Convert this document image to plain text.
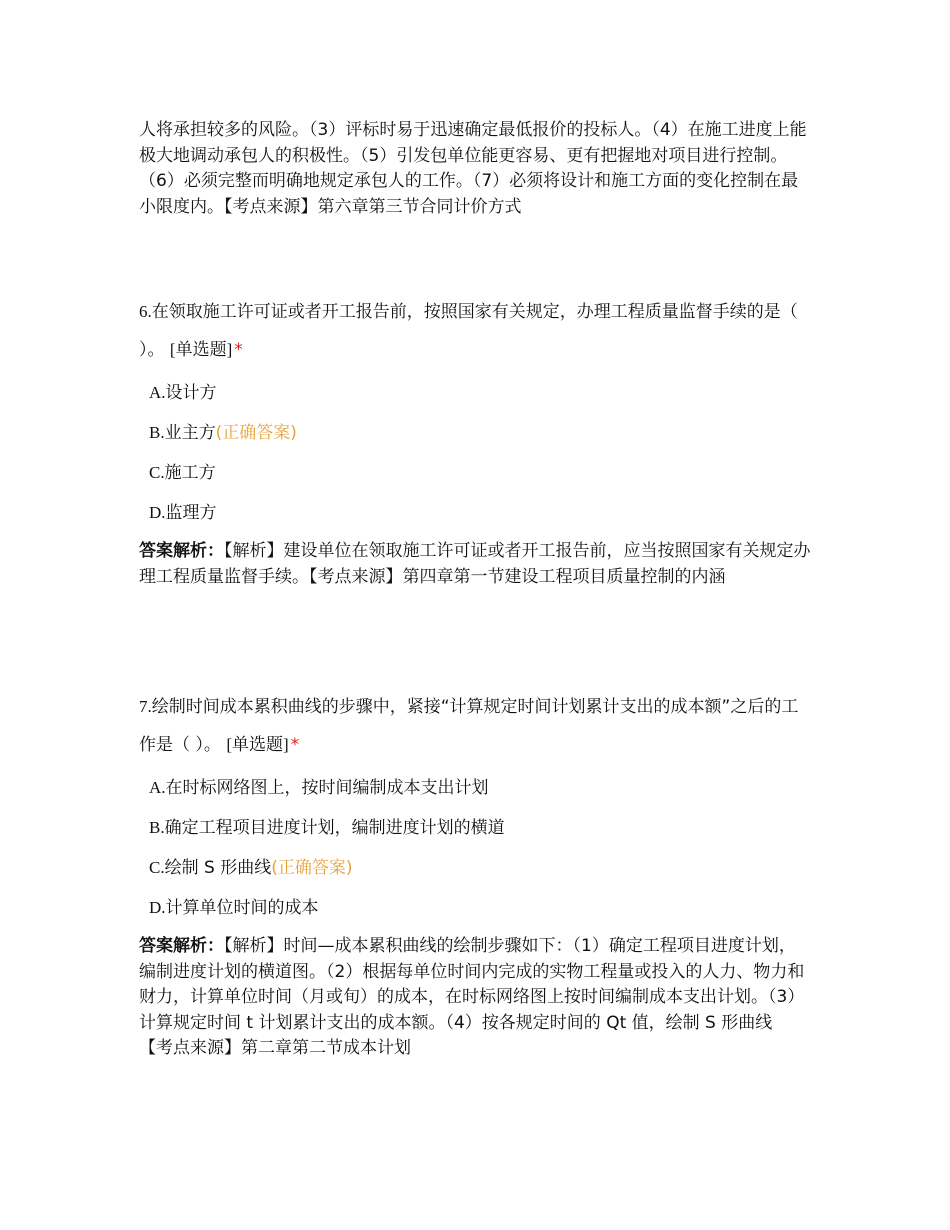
人将承担较多的风险。（3）评标时易于迅速确定最低报价的投标人。（4）在施工进度上能极大地调动承包人的积极性。（5）引发包单位能更容易、更有把握地对项目进行控制。（6）必须完整而明确地规定承包人的工作。（7）必须将设计和施工方面的变化控制在最小限度内。【考点来源】第六章第三节合同计价方式

6.在领取施工许可证或者开工报告前，按照国家有关规定，办理工程质量监督手续的是（ ）。 [单选题] *

A.设计方
B.业主方(正确答案)
C.施工方
D.监理方

答案解析：【解析】建设单位在领取施工许可证或者开工报告前，应当按照国家有关规定办理工程质量监督手续。【考点来源】第四章第一节建设工程项目质量控制的内涵

7.绘制时间成本累积曲线的步骤中，紧接“计算规定时间计划累计支出的成本额”之后的工作是（ ）。 [单选题] *

A.在时标网络图上，按时间编制成本支出计划
B.确定工程项目进度计划，编制进度计划的横道
C.绘制 S 形曲线(正确答案)
D.计算单位时间的成本

答案解析：【解析】时间—成本累积曲线的绘制步骤如下：（1）确定工程项目进度计划，编制进度计划的横道图。（2）根据每单位时间内完成的实物工程量或投入的人力、物力和财力，计算单位时间（月或旬）的成本，在时标网络图上按时间编制成本支出计划。（3）计算规定时间 t 计划累计支出的成本额。（4）按各规定时间的 Qt 值，绘制 S 形曲线 【考点来源】第二章第二节成本计划
